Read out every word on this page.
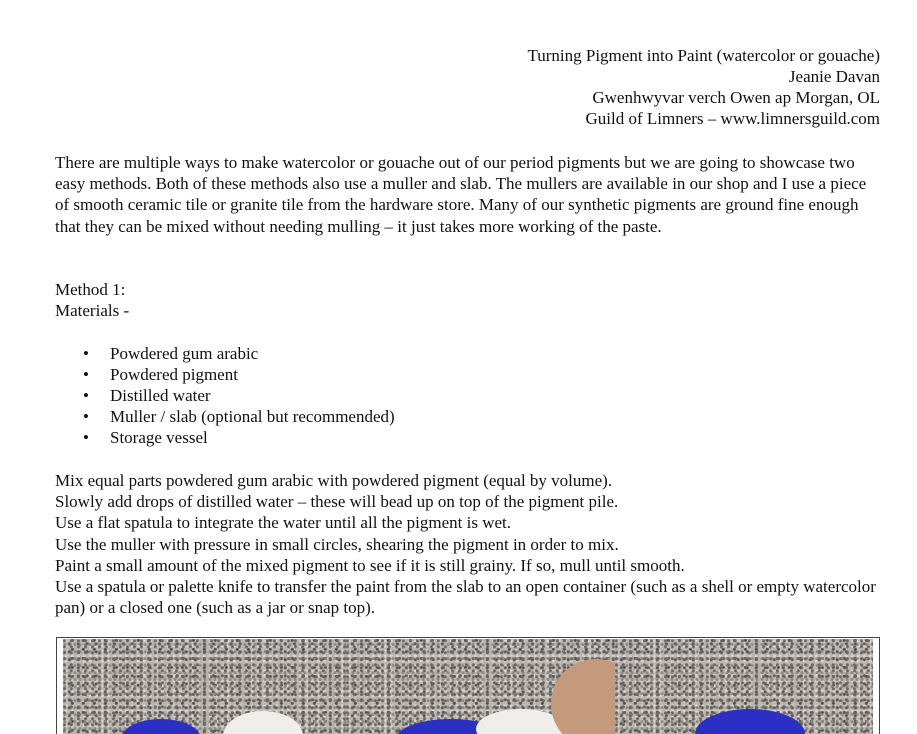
Turning Pigment into Paint (watercolor or gouache)
Jeanie Davan
Gwenhwyvar verch Owen ap Morgan, OL
Guild of Limners – www.limnersguild.com

There are multiple ways to make watercolor or gouache out of our period pigments but we are going to showcase two easy methods. Both of these methods also use a muller and slab. The mullers are available in our shop and I use a piece of smooth ceramic tile or granite tile from the hardware store. Many of our synthetic pigments are ground fine enough that they can be mixed without needing mulling – it just takes more working of the paste.

Method 1:
Materials -
• Powdered gum arabic
• Powdered pigment
• Distilled water
• Muller / slab (optional but recommended)
• Storage vessel
Mix equal parts powdered gum arabic with powdered pigment (equal by volume).
Slowly add drops of distilled water – these will bead up on top of the pigment pile.
Use a flat spatula to integrate the water until all the pigment is wet.
Use the muller with pressure in small circles, shearing the pigment in order to mix.
Paint a small amount of the mixed pigment to see if it is still grainy. If so, mull until smooth.
Use a spatula or palette knife to transfer the paint from the slab to an open container (such as a shell or empty watercolor pan) or a closed one (such as a jar or snap top).
